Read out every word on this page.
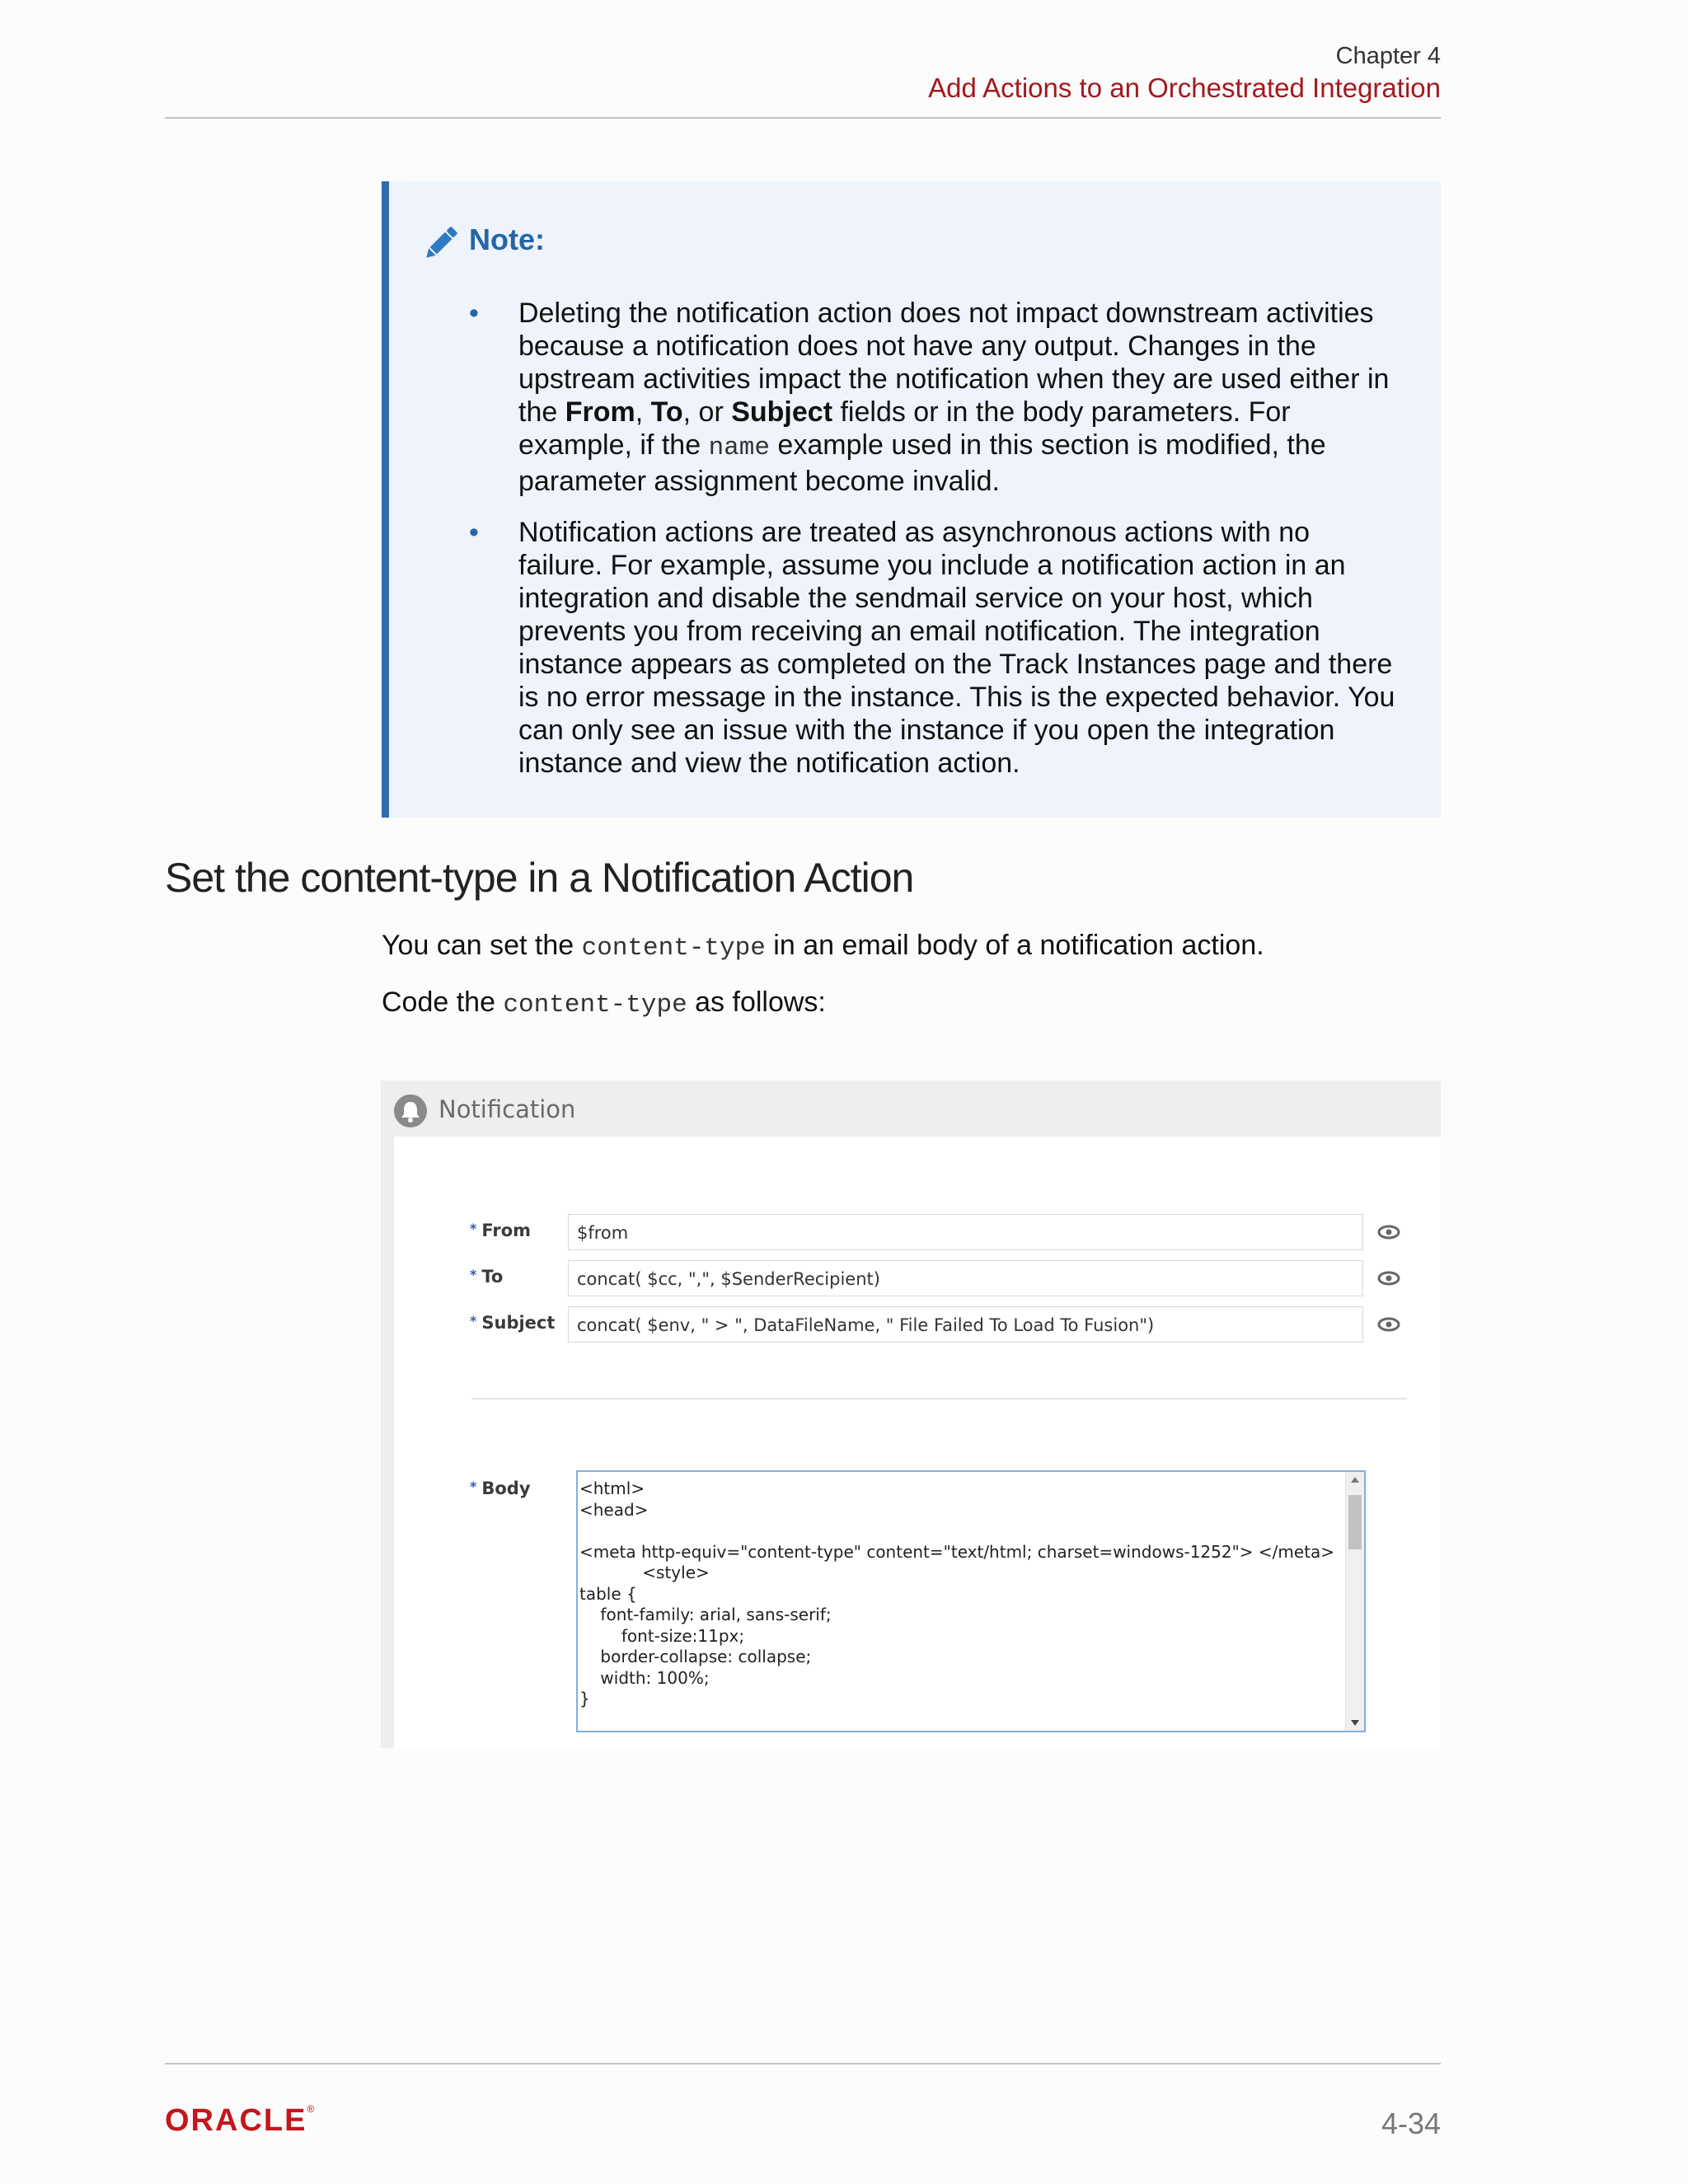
Chapter 4
Add Actions to an Orchestrated Integration
Note:
• Deleting the notification action does not impact downstream activities because a notification does not have any output. Changes in the upstream activities impact the notification when they are used either in the From, To, or Subject fields or in the body parameters. For example, if the name example used in this section is modified, the parameter assignment become invalid.
• Notification actions are treated as asynchronous actions with no failure. For example, assume you include a notification action in an integration and disable the sendmail service on your host, which prevents you from receiving an email notification. The integration instance appears as completed on the Track Instances page and there is no error message in the instance. This is the expected behavior. You can only see an issue with the instance if you open the integration instance and view the notification action.
Set the content-type in a Notification Action
You can set the content-type in an email body of a notification action.
Code the content-type as follows:
Notification
* From	$from
* To	concat( $cc, ",", $SenderRecipient)
* Subject	concat( $env, " > ", DataFileName, " File Failed To Load To Fusion")
* Body	<html>
<head>

<meta http-equiv="content-type" content="text/html; charset=windows-1252"> </meta>
<style>
table {
font-family: arial, sans-serif;
font-size:11px;
border-collapse: collapse;
width: 100%;
}
ORACLE®	4-34
